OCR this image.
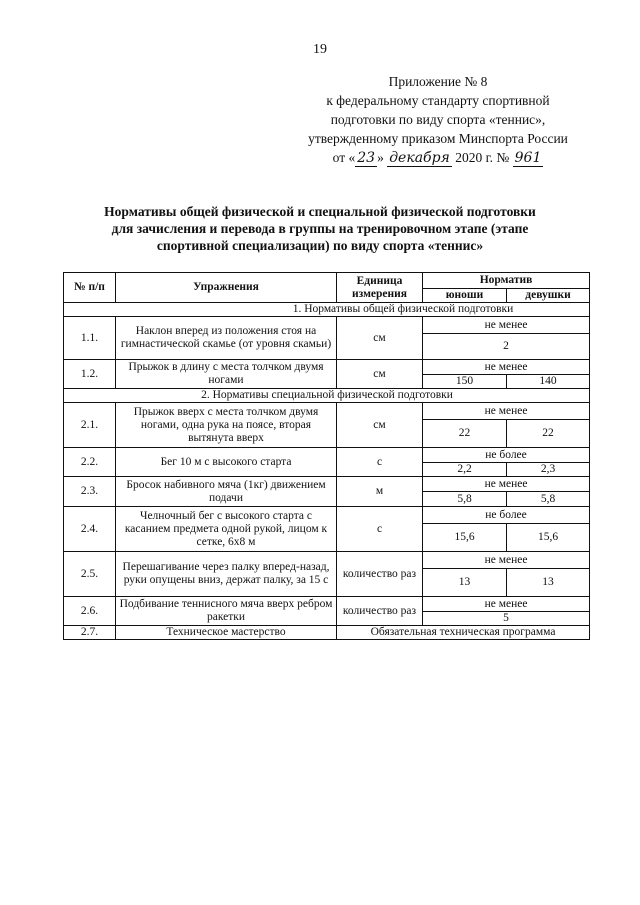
19
Приложение № 8
к федеральному стандарту спортивной
подготовки по виду спорта «теннис»,
утвержденному приказом Минспорта России
от « 23 » декабря 2020 г. № 961
Нормативы общей физической и специальной физической подготовки
для зачисления и перевода в группы на тренировочном этапе (этапе
спортивной специализации) по виду спорта «теннис»
№ п/п	Упражнения	Единица измерения	Норматив	
			юноши	девушки
1. Нормативы общей физической подготовки				
1.1.	Наклон вперед из положения стоя на гимнастической скамье (от уровня скамьи)	см	не менее	
			2	
1.2.	Прыжок в длину с места толчком двумя ногами	см	не менее	
			150	140
2. Нормативы специальной физической подготовки				
2.1.	Прыжок вверх с места толчком двумя ногами, одна рука на поясе, вторая вытянута вверх	см	не менее	
			22	22
2.2.	Бег 10 м с высокого старта	с	не более	
			2,2	2,3
2.3.	Бросок набивного мяча (1кг) движением подачи	м	не менее	
			5,8	5,8
2.4.	Челночный бег с высокого старта с касанием предмета одной рукой, лицом к сетке, 6х8 м	с	не более	
			15,6	15,6
2.5.	Перешагивание через палку вперед-назад, руки опущены вниз, держат палку, за 15 с	количество раз	не менее	
			13	13
2.6.	Подбивание теннисного мяча вверх ребром ракетки	количество раз	не менее	
			5	
2.7.	Техническое мастерство	Обязательная техническая программа		
